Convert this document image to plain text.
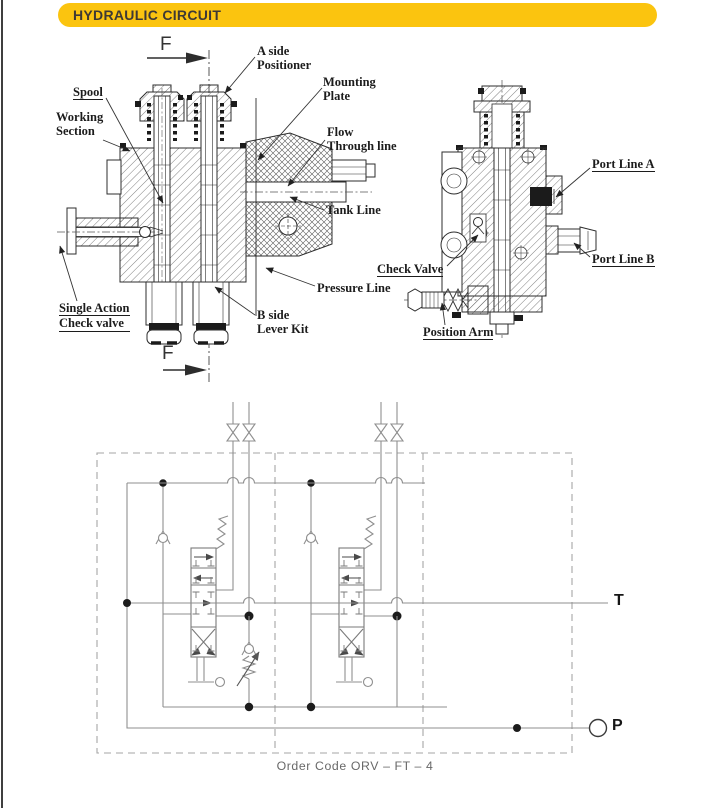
HYDRAULIC CIRCUIT
F
F
Spool
Working
Section
Single Action
Check valve
A side
Positioner
Mounting
Plate
Flow
Through line
Tank Line
Pressure Line
B side
Lever Kit
Port Line A
Port Line B
Check Valve
Position Arm
T
P
Order Code ORV – FT – 4
